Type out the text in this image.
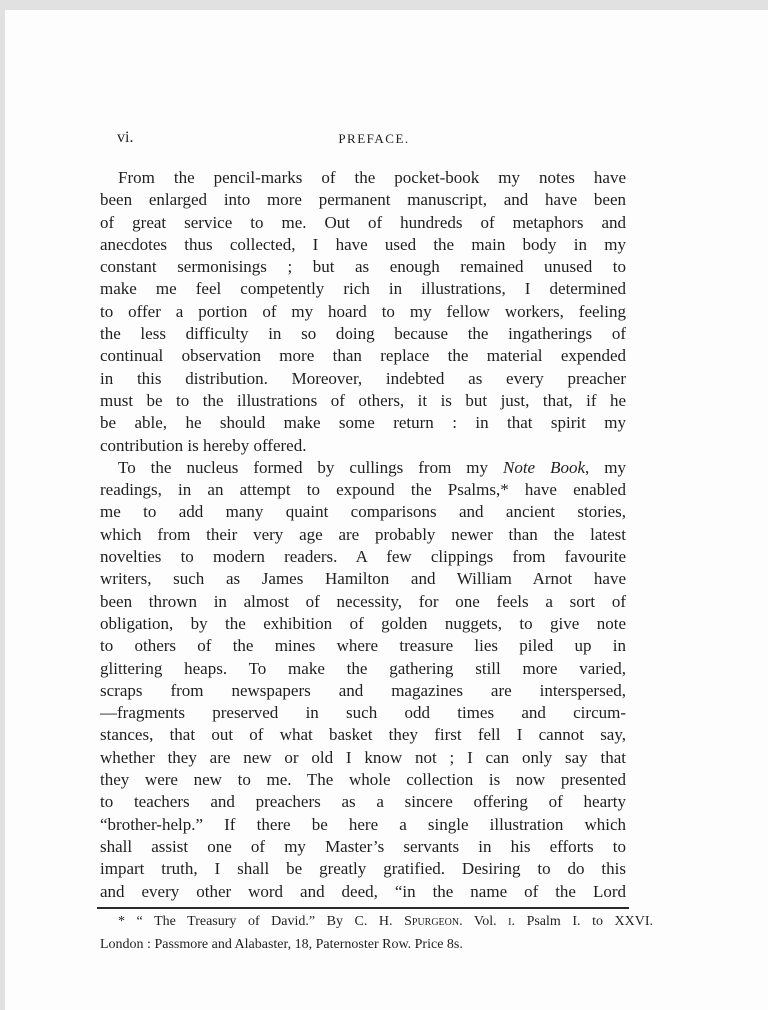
vi.	PREFACE.
From the pencil-marks of the pocket-book my notes have
been enlarged into more permanent manuscript, and have been
of great service to me. Out of hundreds of metaphors and
anecdotes thus collected, I have used the main body in my
constant sermonisings ; but as enough remained unused to
make me feel competently rich in illustrations, I determined
to offer a portion of my hoard to my fellow workers, feeling
the less difficulty in so doing because the ingatherings of
continual observation more than replace the material expended
in this distribution. Moreover, indebted as every preacher
must be to the illustrations of others, it is but just, that, if he
be able, he should make some return : in that spirit my
contribution is hereby offered.
To the nucleus formed by cullings from my Note Book, my
readings, in an attempt to expound the Psalms,* have enabled
me to add many quaint comparisons and ancient stories,
which from their very age are probably newer than the latest
novelties to modern readers. A few clippings from favourite
writers, such as James Hamilton and William Arnot have
been thrown in almost of necessity, for one feels a sort of
obligation, by the exhibition of golden nuggets, to give note
to others of the mines where treasure lies piled up in
glittering heaps. To make the gathering still more varied,
scraps from newspapers and magazines are interspersed,
—fragments preserved in such odd times and circum-
stances, that out of what basket they first fell I cannot say,
whether they are new or old I know not ; I can only say that
they were new to me. The whole collection is now presented
to teachers and preachers as a sincere offering of hearty
“brother-help.” If there be here a single illustration which
shall assist one of my Master’s servants in his efforts to
impart truth, I shall be greatly gratified. Desiring to do this
and every other word and deed, “in the name of the Lord
* “ The Treasury of David.” By C. H. Spurgeon. Vol. i. Psalm I. to XXVI.
London : Passmore and Alabaster, 18, Paternoster Row. Price 8s.
